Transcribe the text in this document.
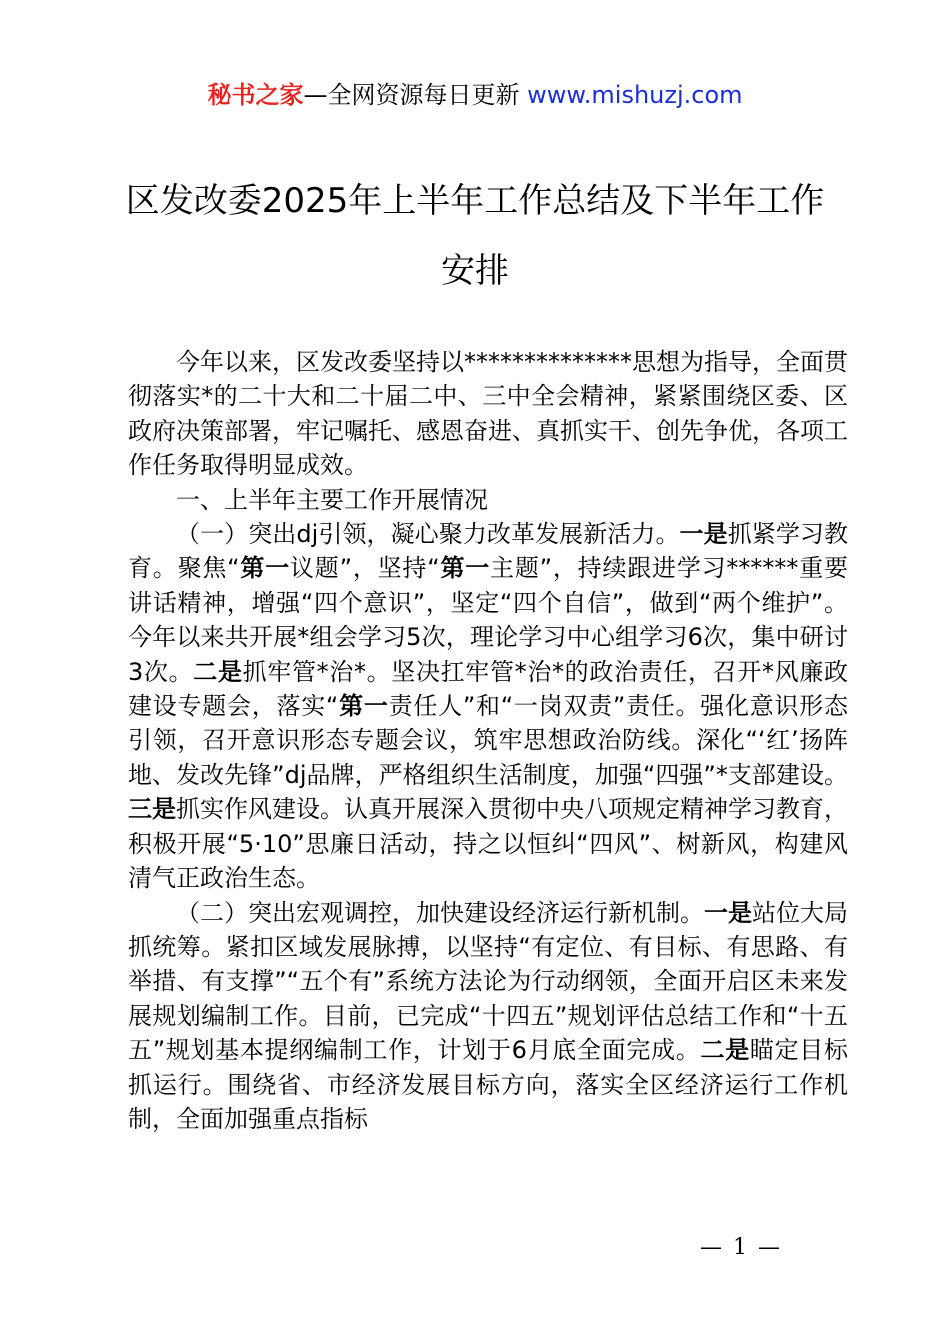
秘书之家—全网资源每日更新 www.mishuzj.com
区发改委2025年上半年工作总结及下半年工作安排

今年以来，区发改委坚持以**************思想为指导，全面贯彻落实*的二十大和二十届二中、三中全会精神，紧紧围绕区委、区政府决策部署，牢记嘱托、感恩奋进、真抓实干、创先争优，各项工作任务取得明显成效。

一、上半年主要工作开展情况

（一）突出dj引领，凝心聚力改革发展新活力。一是抓紧学习教育。聚焦“第一议题”，坚持“第一主题”，持续跟进学习******重要讲话精神，增强“四个意识”，坚定“四个自信”，做到“两个维护”。今年以来共开展*组会学习5次，理论学习中心组学习6次，集中研讨3次。二是抓牢管*治*。坚决扛牢管*治*的政治责任，召开*风廉政建设专题会，落实“第一责任人”和“一岗双责”责任。强化意识形态引领，召开意识形态专题会议，筑牢思想政治防线。深化“‘红’扬阵地、发改先锋”dj品牌，严格组织生活制度，加强“四强”*支部建设。三是抓实作风建设。认真开展深入贯彻中央八项规定精神学习教育，积极开展“5·10”思廉日活动，持之以恒纠“四风”、树新风，构建风清气正政治生态。

（二）突出宏观调控，加快建设经济运行新机制。一是站位大局抓统筹。紧扣区域发展脉搏，以坚持“有定位、有目标、有思路、有举措、有支撑”“五个有”系统方法论为行动纲领，全面开启区未来发展规划编制工作。目前，已完成“十四五”规划评估总结工作和“十五五”规划基本提纲编制工作，计划于6月底全面完成。二是瞄定目标抓运行。围绕省、市经济发展目标方向，落实全区经济运行工作机制，全面加强重点指标

— 1 —
